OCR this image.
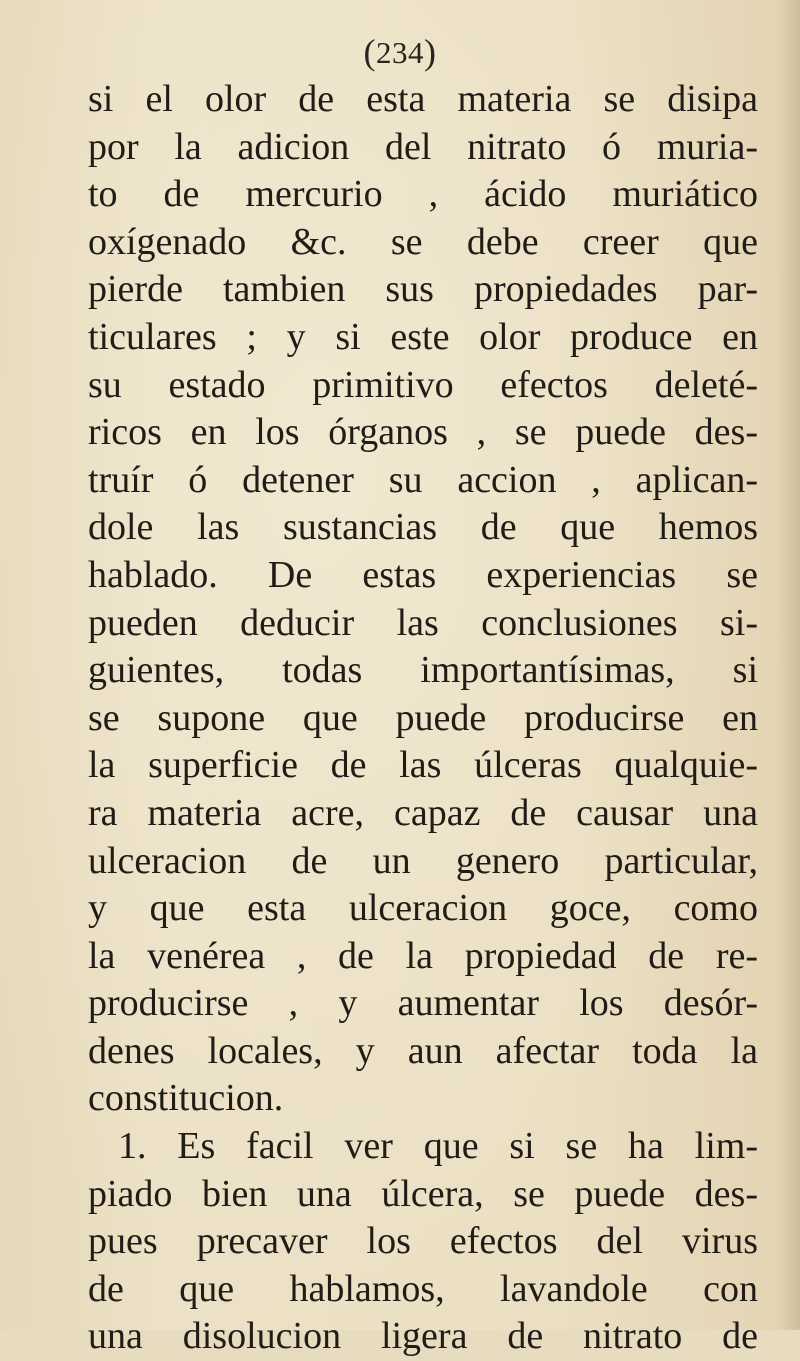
(234)
si el olor de esta materia se disipa
por la adicion del nitrato ó muria-
to de mercurio , ácido muriático
oxígenado &c. se debe creer que
pierde tambien sus propiedades par-
ticulares ; y si este olor produce en
su estado primitivo efectos deleté-
ricos en los órganos , se puede des-
truír ó detener su accion , aplican-
dole las sustancias de que hemos
hablado. De estas experiencias se
pueden deducir las conclusiones si-
guientes, todas importantísimas, si
se supone que puede producirse en
la superficie de las úlceras qualquie-
ra materia acre, capaz de causar una
ulceracion de un genero particular,
y que esta ulceracion goce, como
la venérea , de la propiedad de re-
producirse , y aumentar los desór-
denes locales, y aun afectar toda la
constitucion.
1. Es facil ver que si se ha lim-
piado bien una úlcera, se puede des-
pues precaver los efectos del virus
de que hablamos, lavandole con
una disolucion ligera de nitrato de
